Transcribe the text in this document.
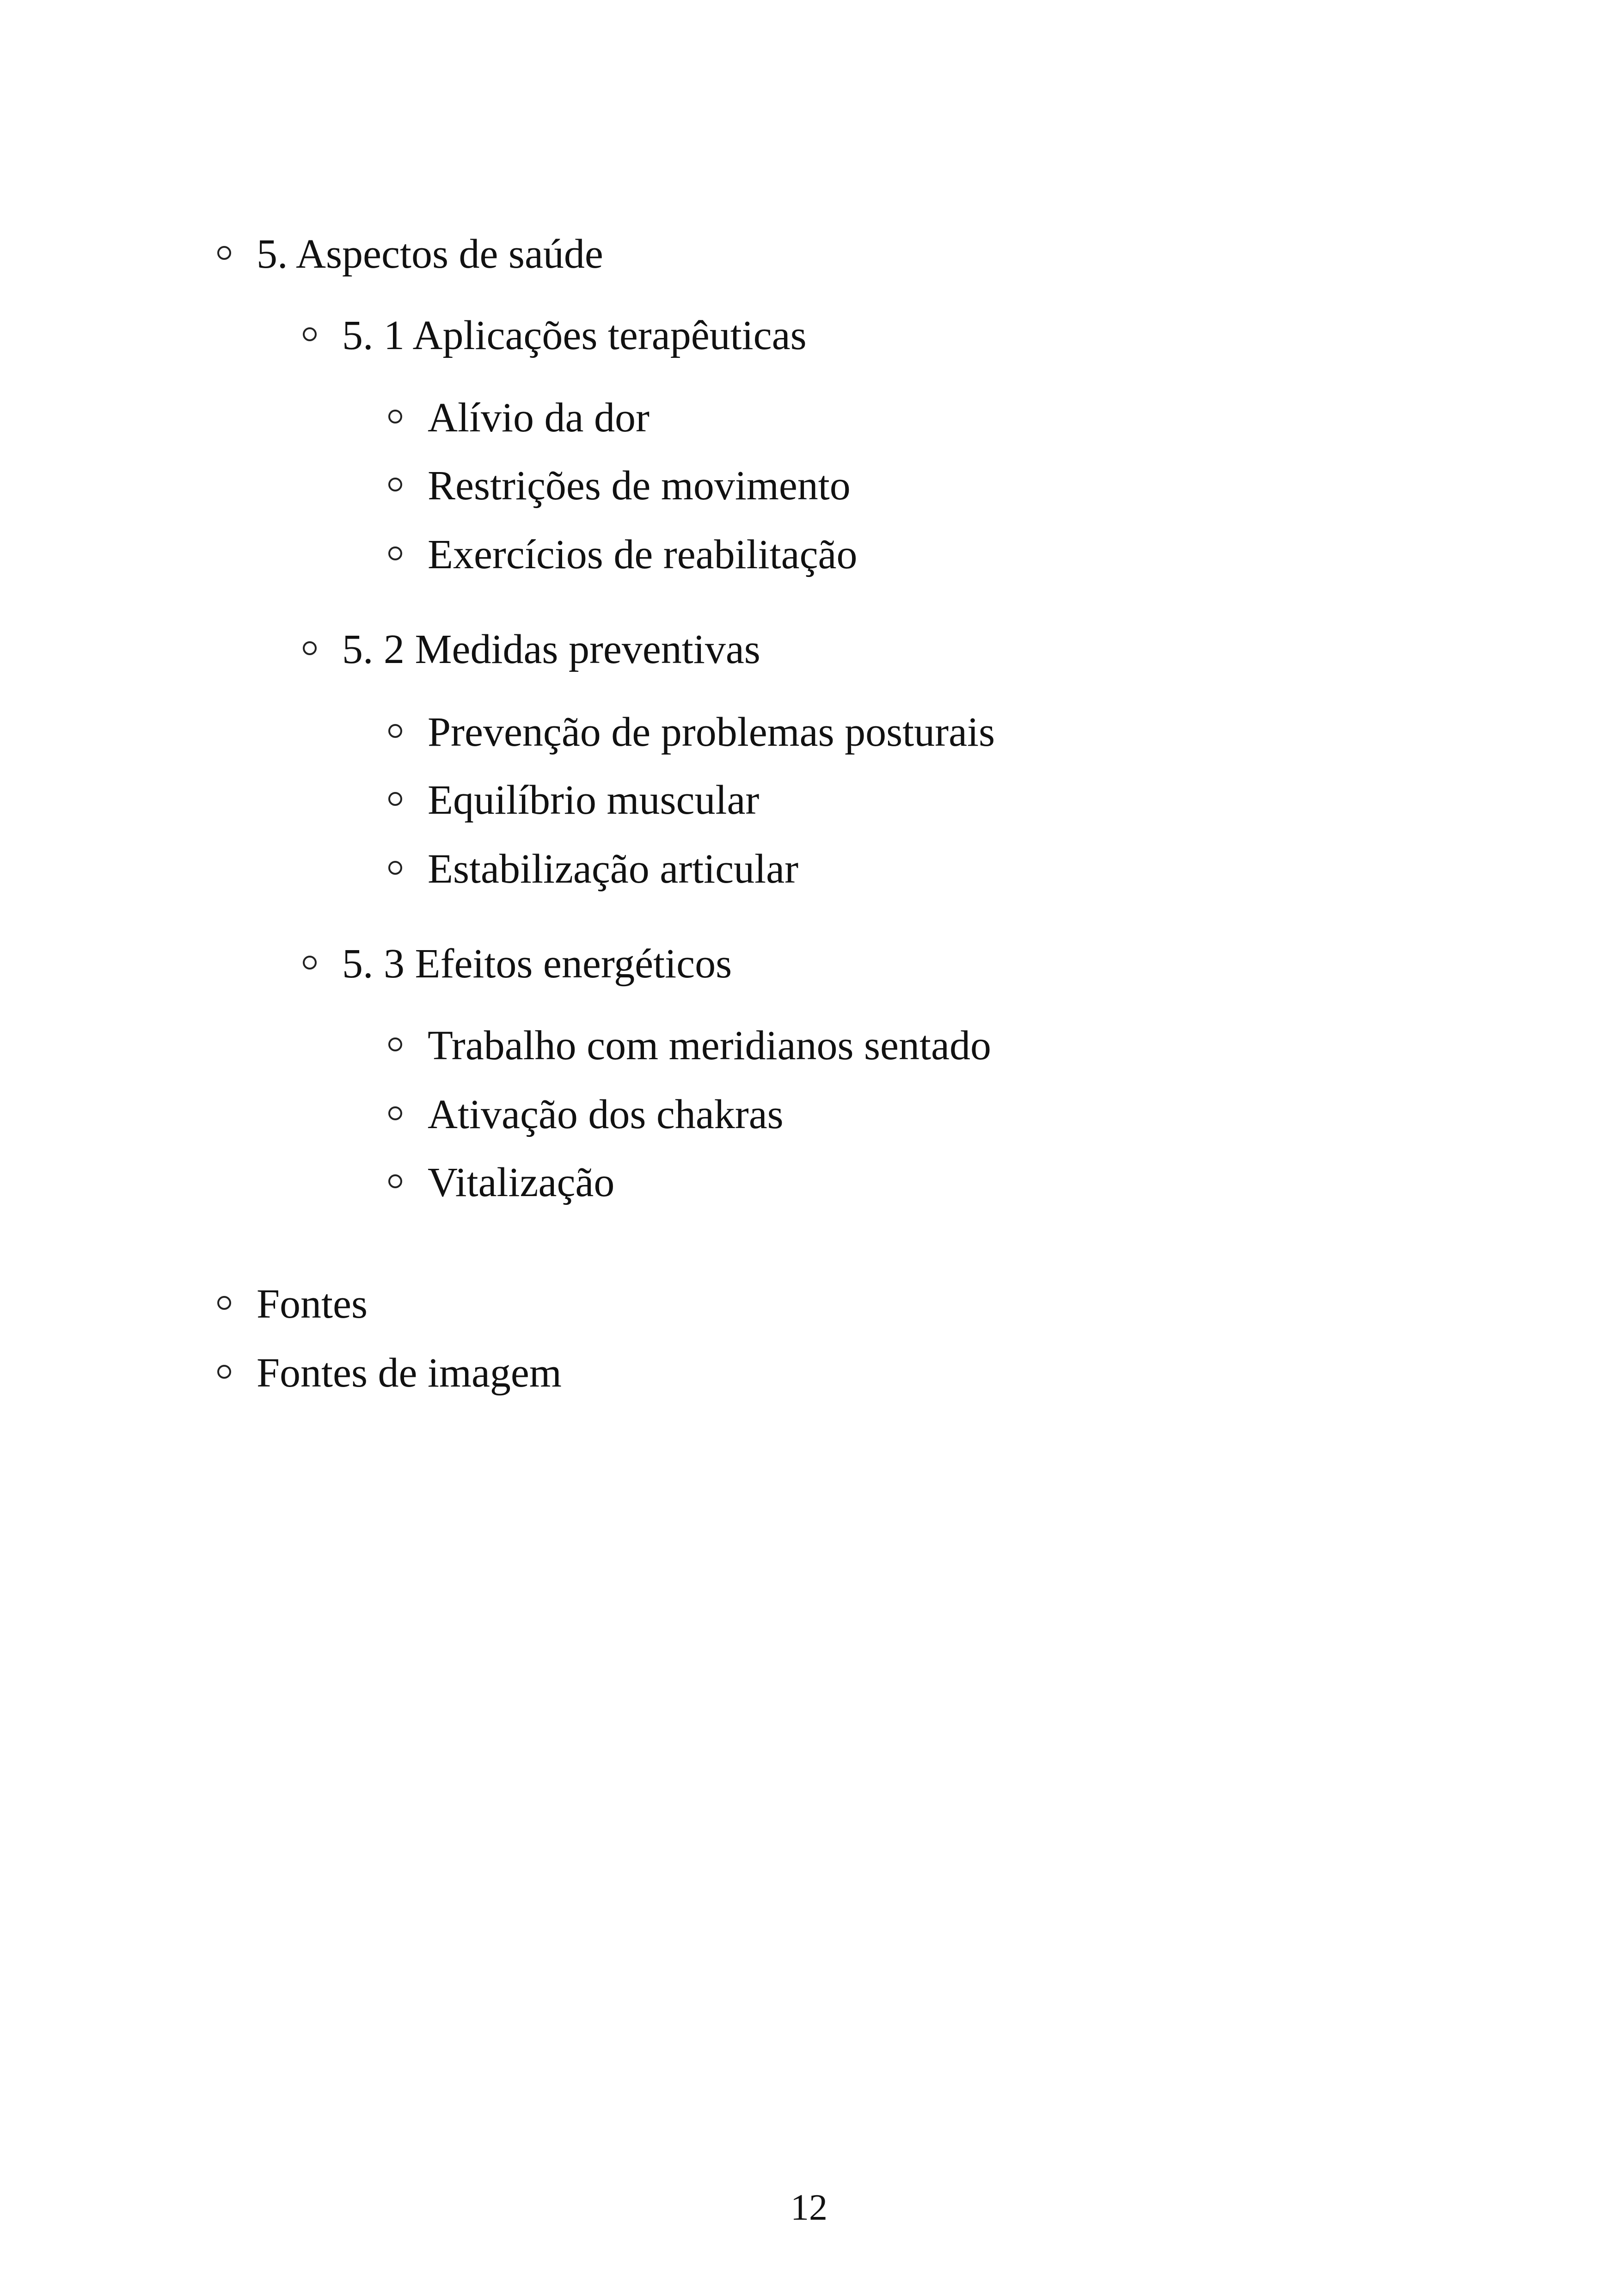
5. Aspectos de saúde
5. 1 Aplicações terapêuticas
Alívio da dor
Restrições de movimento
Exercícios de reabilitação
5. 2 Medidas preventivas
Prevenção de problemas posturais
Equilíbrio muscular
Estabilização articular
5. 3 Efeitos energéticos
Trabalho com meridianos sentado
Ativação dos chakras
Vitalização
Fontes
Fontes de imagem
12
